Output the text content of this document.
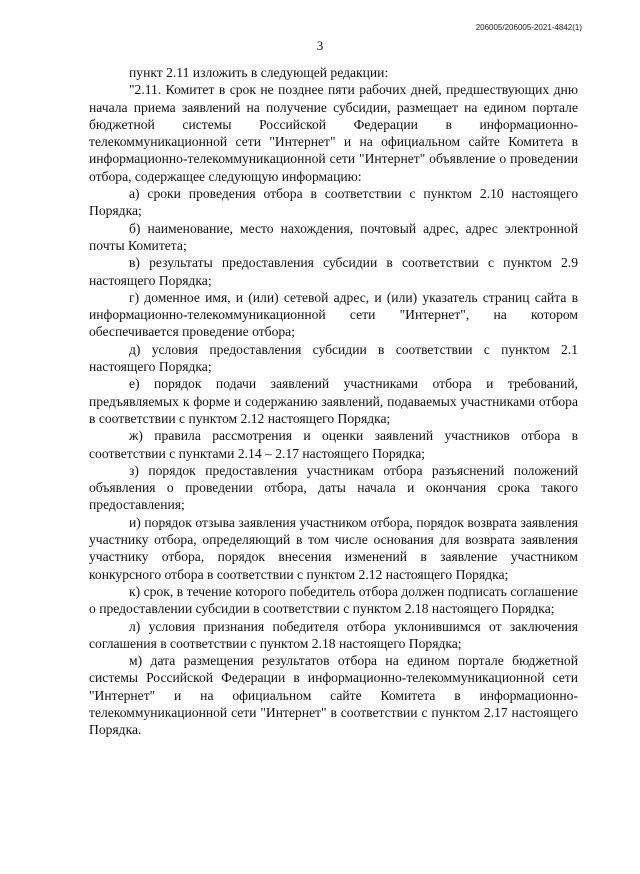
206005/206005-2021-4842(1)
3

пункт 2.11 изложить в следующей редакции:

"2.11. Комитет в срок не позднее пяти рабочих дней, предшествующих дню начала приема заявлений на получение субсидии, размещает на едином портале бюджетной системы Российской Федерации в информационно-телекоммуникационной сети "Интернет" и на официальном сайте Комитета в информационно-телекоммуникационной сети "Интернет" объявление о проведении отбора, содержащее следующую информацию:

а) сроки проведения отбора в соответствии с пунктом 2.10 настоящего Порядка;

б) наименование, место нахождения, почтовый адрес, адрес электронной почты Комитета;

в) результаты предоставления субсидии в соответствии с пунктом 2.9 настоящего Порядка;

г) доменное имя, и (или) сетевой адрес, и (или) указатель страниц сайта в информационно-телекоммуникационной сети "Интернет", на котором обеспечивается проведение отбора;

д) условия предоставления субсидии в соответствии с пунктом 2.1 настоящего Порядка;

е) порядок подачи заявлений участниками отбора и требований, предъявляемых к форме и содержанию заявлений, подаваемых участниками отбора в соответствии с пунктом 2.12 настоящего Порядка;

ж) правила рассмотрения и оценки заявлений участников отбора в соответствии с пунктами 2.14 – 2.17 настоящего Порядка;

з) порядок предоставления участникам отбора разъяснений положений объявления о проведении отбора, даты начала и окончания срока такого предоставления;

и) порядок отзыва заявления участником отбора, порядок возврата заявления участнику отбора, определяющий в том числе основания для возврата заявления участнику отбора, порядок внесения изменений в заявление участником конкурсного отбора в соответствии с пунктом 2.12 настоящего Порядка;

к) срок, в течение которого победитель отбора должен подписать соглашение о предоставлении субсидии в соответствии с пунктом 2.18 настоящего Порядка;

л) условия признания победителя отбора уклонившимся от заключения соглашения в соответствии с пунктом 2.18 настоящего Порядка;

м) дата размещения результатов отбора на едином портале бюджетной системы Российской Федерации в информационно-телекоммуникационной сети "Интернет" и на официальном сайте Комитета в информационно-телекоммуникационной сети "Интернет" в соответствии с пунктом 2.17 настоящего Порядка.
